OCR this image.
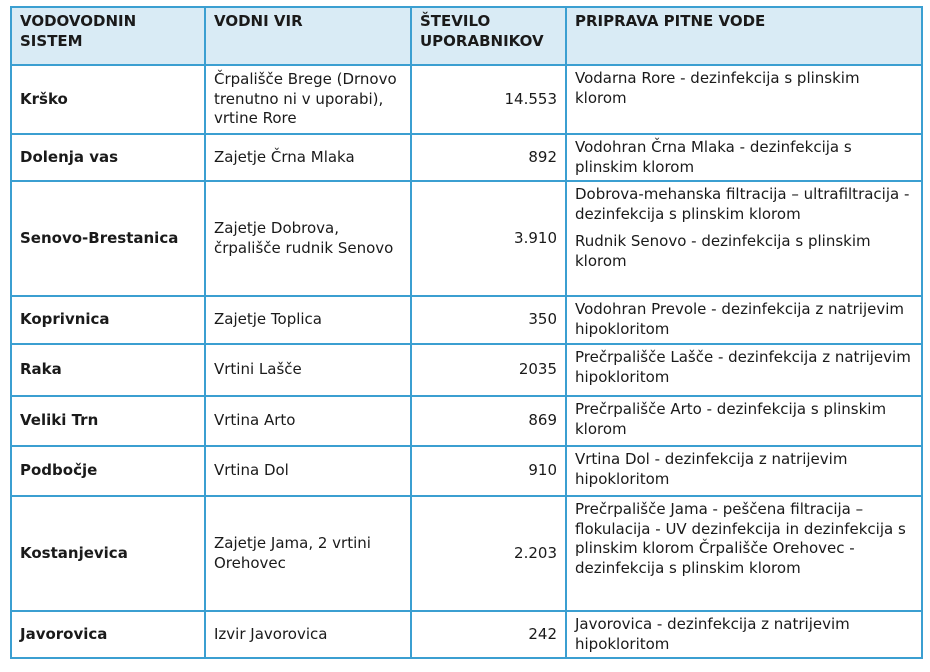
VODOVODNIN SISTEM	VODNI VIR	ŠTEVILO UPORABNIKOV	PRIPRAVA PITNE VODE
Krško	Črpališče Brege (Drnovo trenutno ni v uporabi), vrtine Rore	14.553	Vodarna Rore - dezinfekcija s plinskim klorom

Dolenja vas	Zajetje Črna Mlaka	892	Vodohran Črna Mlaka - dezinfekcija s plinskim klorom

Senovo-Brestanica	Zajetje Dobrova, črpališče rudnik Senovo	3.910	Dobrova-mehanska filtracija – ultrafiltracija - dezinfekcija s plinskim klorom
Rudnik Senovo - dezinfekcija s plinskim klorom

Koprivnica	Zajetje Toplica	350	Vodohran Prevole - dezinfekcija z natrijevim hipokloritom

Raka	Vrtini Lašče	2035	Prečrpališče Lašče - dezinfekcija z natrijevim hipokloritom

Veliki Trn	Vrtina Arto	869	Prečrpališče Arto - dezinfekcija s plinskim klorom

Podbočje	Vrtina Dol	910	Vrtina Dol - dezinfekcija z natrijevim hipokloritom

Kostanjevica	Zajetje Jama, 2 vrtini Orehovec	2.203	Prečrpališče Jama - peščena filtracija – flokulacija - UV dezinfekcija in dezinfekcija s plinskim klorom Črpališče Orehovec - dezinfekcija s plinskim klorom

Javorovica	Izvir Javorovica	242	Javorovica - dezinfekcija z natrijevim hipokloritom
